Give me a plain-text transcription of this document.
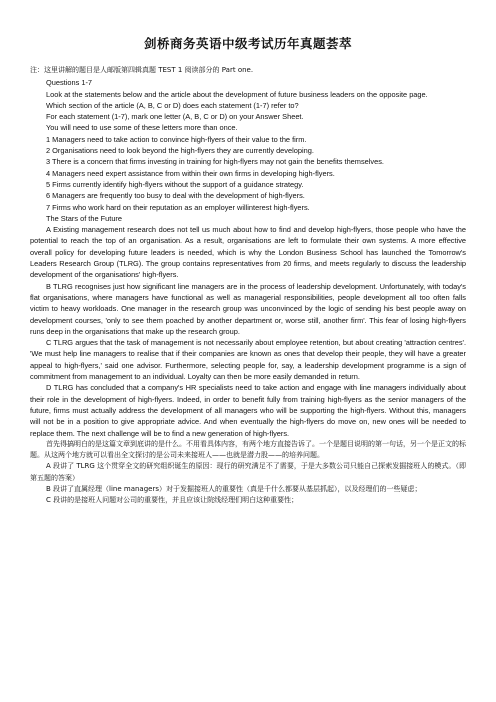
剑桥商务英语中级考试历年真题荟萃

注：这里讲解的题目是人邮版第四辑真题 TEST 1 阅读部分的 Part one.

Questions 1-7

Look at the statements below and the article about the development of future business leaders on the opposite page.

Which section of the article (A, B, C or D) does each statement (1-7) refer to?

For each statement (1-7), mark one letter (A, B, C or D) on your Answer Sheet.

You will need to use some of these letters more than once.

1 Managers need to take action to convince high-flyers of their value to the firm.

2 Organisations need to look beyond the high-flyers they are currently developing.

3 There is a concern that firms investing in training for high-flyers may not gain the benefits themselves.

4 Managers need expert assistance from within their own firms in developing high-flyers.

5 Firms currently identify high-flyers without the support of a guidance strategy.

6 Managers are frequently too busy to deal with the development of high-flyers.

7 Firms who work hard on their reputation as an employer willinterest high-flyers.

The Stars of the Future

A Existing management research does not tell us much about how to find and develop high-flyers, those people who have the potential to reach the top of an organisation. As a result, organisations are left to formulate their own systems. A more effective overall policy for developing future leaders is needed, which is why the London Business School has launched the Tomorrow's Leaders Research Group (TLRG). The group contains representatives from 20 firms, and meets regularly to discuss the leadership development of the organisations' high-flyers.

B TLRG recognises just how significant line managers are in the process of leadership development. Unfortunately, with today's flat organisations, where managers have functional as well as managerial responsibilities, people development all too often falls victim to heavy workloads. One manager in the research group was unconvinced by the logic of sending his best people away on development courses, 'only to see them poached by another department or, worse still, another firm'. This fear of losing high-flyers runs deep in the organisations that make up the research group.

C TLRG argues that the task of management is not necessarily about employee retention, but about creating 'attraction centres'. 'We must help line managers to realise that if their companies are known as ones that develop their people, they will have a greater appeal to high-flyers,' said one advisor. Furthermore, selecting people for, say, a leadership development programme is a sign of commitment from management to an individual. Loyalty can then be more easily demanded in return.

D TLRG has concluded that a company's HR specialists need to take action and engage with line managers individually about their role in the development of high-flyers. Indeed, in order to benefit fully from training high-flyers as the senior managers of the future, firms must actually address the development of all managers who will be supporting the high-flyers. Without this, managers will not be in a position to give appropriate advice. And when eventually the high-flyers do move on, new ones will be needed to replace them. The next challenge will be to find a new generation of high-flyers.

首先得搞明白的是这篇文章到底讲的是什么。不用看具体内容，有两个地方直接告诉了。一个是题目说明的第一句话，另一个是正文的标题。从这两个地方就可以看出全文探讨的是公司未来接班人——也就是潜力股——的培养问题。

A 段讲了 TLRG 这个贯穿全文的研究组织诞生的原因：现行的研究满足不了需要，于是大多数公司只能自己探索发掘接班人的模式。（即第五题的答案）

B 段讲了直属经理（line managers）对于发掘接班人的重要性（真是千什么都要从基层抓起），以及经理们的一些疑虑；

C 段讲的是接班人问题对公司的重要性，并且应该让院线经理们明白这种重要性；
